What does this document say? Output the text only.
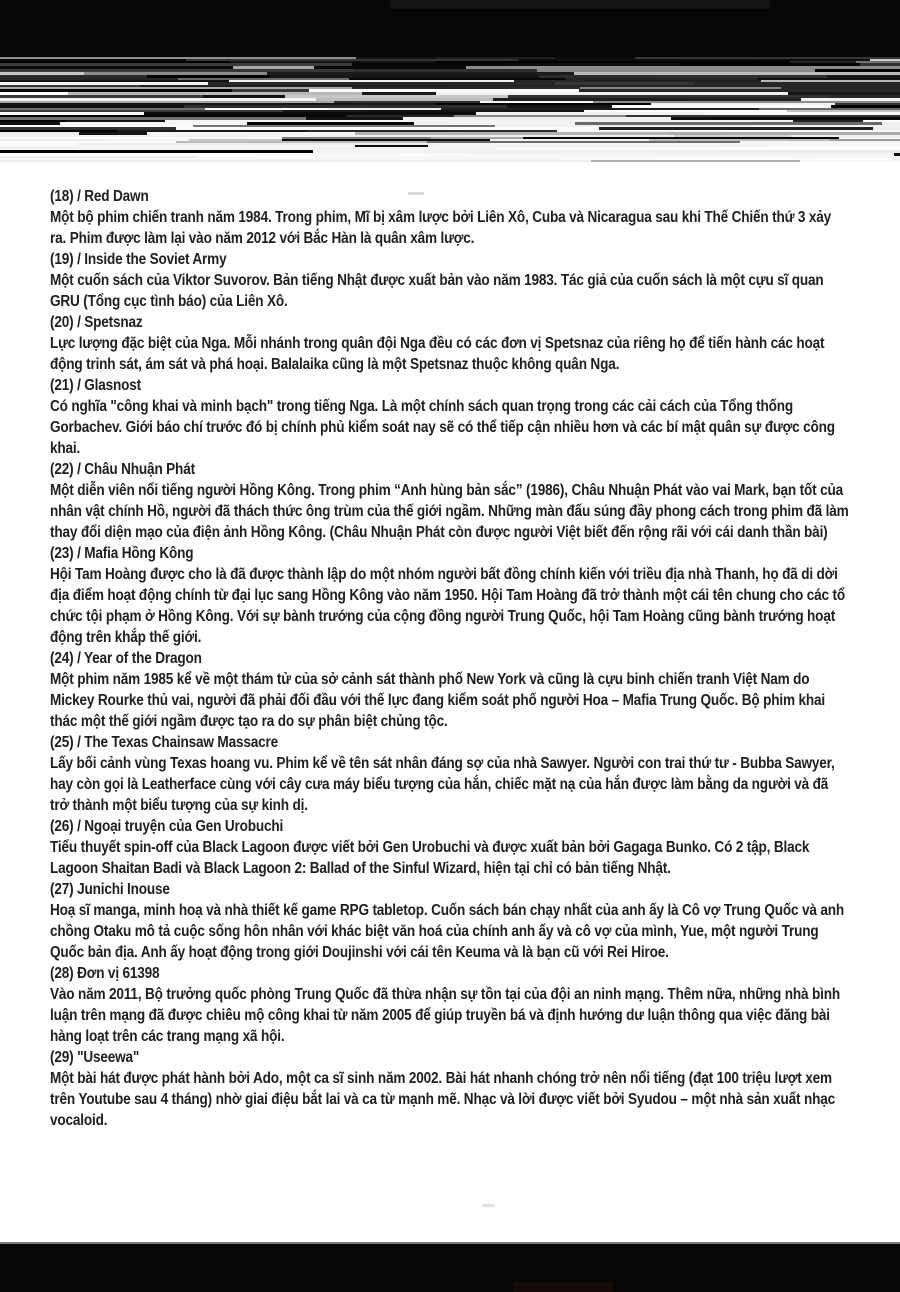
(18) / Red Dawn

Một bộ phim chiến tranh năm 1984. Trong phim, Mĩ bị xâm lược bởi Liên Xô, Cuba và Nicaragua sau khi Thế Chiến thứ 3 xảy ra. Phim được làm lại vào năm 2012 với Bắc Hàn là quân xâm lược.

(19) / Inside the Soviet Army

Một cuốn sách của Viktor Suvorov. Bản tiếng Nhật được xuất bản vào năm 1983. Tác giả của cuốn sách là một cựu sĩ quan GRU (Tổng cục tình báo) của Liên Xô.

(20) / Spetsnaz

Lực lượng đặc biệt của Nga. Mỗi nhánh trong quân đội Nga đều có các đơn vị Spetsnaz của riêng họ để tiến hành các hoạt động trinh sát, ám sát và phá hoại. Balalaika cũng là một Spetsnaz thuộc không quân Nga.

(21) / Glasnost

Có nghĩa "công khai và minh bạch" trong tiếng Nga. Là một chính sách quan trọng trong các cải cách của Tổng thống Gorbachev. Giới báo chí trước đó bị chính phủ kiểm soát nay sẽ có thể tiếp cận nhiều hơn và các bí mật quân sự được công khai.

(22) / Châu Nhuận Phát

Một diễn viên nổi tiếng người Hồng Kông. Trong phim “Anh hùng bản sắc” (1986), Châu Nhuận Phát vào vai Mark, bạn tốt của nhân vật chính Hồ, người đã thách thức ông trùm của thế giới ngầm. Những màn đấu súng đầy phong cách trong phim đã làm thay đổi diện mạo của điện ảnh Hồng Kông. (Châu Nhuận Phát còn được người Việt biết đến rộng rãi với cái danh thần bài)

(23) / Mafia Hồng Kông

Hội Tam Hoàng được cho là đã được thành lập do một nhóm người bất đồng chính kiến với triều địa nhà Thanh, họ đã di dời địa điểm hoạt động chính từ đại lục sang Hồng Kông vào năm 1950. Hội Tam Hoàng đã trở thành một cái tên chung cho các tổ chức tội phạm ở Hồng Kông. Với sự bành trướng của cộng đồng người Trung Quốc, hội Tam Hoàng cũng bành trướng hoạt động trên khắp thế giới.

(24) / Year of the Dragon

Một phim năm 1985 kể về một thám tử của sở cảnh sát thành phố New York và cũng là cựu binh chiến tranh Việt Nam do Mickey Rourke thủ vai, người đã phải đối đầu với thế lực đang kiểm soát phố người Hoa – Mafia Trung Quốc. Bộ phim khai thác một thế giới ngầm được tạo ra do sự phân biệt chủng tộc.

(25) / The Texas Chainsaw Massacre

Lấy bối cảnh vùng Texas hoang vu. Phim kể về tên sát nhân đáng sợ của nhà Sawyer. Người con trai thứ tư - Bubba Sawyer, hay còn gọi là Leatherface cùng với cây cưa máy biểu tượng của hắn, chiếc mặt nạ của hắn được làm bằng da người và đã trở thành một biểu tượng của sự kinh dị.

(26) / Ngoại truyện của Gen Urobuchi

Tiểu thuyết spin-off của Black Lagoon được viết bởi Gen Urobuchi và được xuất bản bởi Gagaga Bunko. Có 2 tập, Black Lagoon Shaitan Badi và Black Lagoon 2: Ballad of the Sinful Wizard, hiện tại chỉ có bản tiếng Nhật.

(27) Junichi Inouse

Hoạ sĩ manga, minh hoạ và nhà thiết kế game RPG tabletop. Cuốn sách bán chạy nhất của anh ấy là Cô vợ Trung Quốc và anh chồng Otaku mô tả cuộc sống hôn nhân với khác biệt văn hoá của chính anh ấy và cô vợ của mình, Yue, một người Trung Quốc bản địa. Anh ấy hoạt động trong giới Doujinshi với cái tên Keuma và là bạn cũ với Rei Hiroe.

(28) Đơn vị 61398

Vào năm 2011, Bộ trưởng quốc phòng Trung Quốc đã thừa nhận sự tồn tại của đội an ninh mạng. Thêm nữa, những nhà bình luận trên mạng đã được chiêu mộ công khai từ năm 2005 để giúp truyền bá và định hướng dư luận thông qua việc đăng bài hàng loạt trên các trang mạng xã hội.

(29) "Useewa"

Một bài hát được phát hành bởi Ado, một ca sĩ sinh năm 2002. Bài hát nhanh chóng trở nên nổi tiếng (đạt 100 triệu lượt xem trên Youtube sau 4 tháng) nhờ giai điệu bắt lai và ca từ mạnh mẽ. Nhạc và lời được viết bởi Syudou – một nhà sản xuất nhạc vocaloid.
